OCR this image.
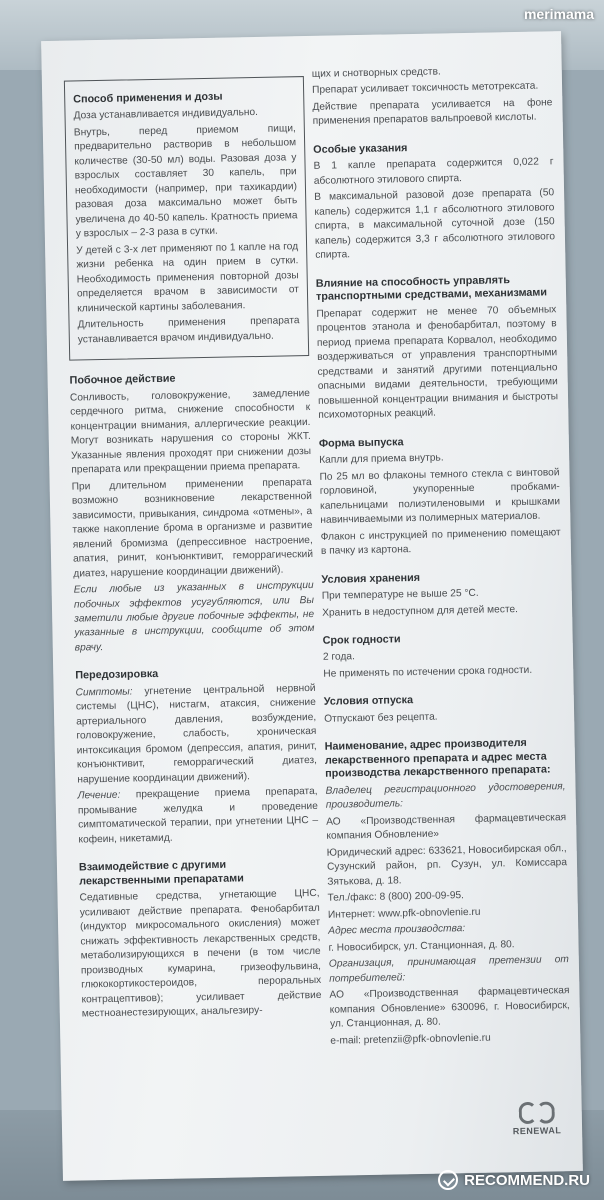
Способ применения и дозы

Доза устанавливается индивидуально.

Внутрь, перед приемом пищи, предварительно растворив в небольшом количестве (30-50 мл) воды. Разовая доза у взрослых составляет 30 капель, при необходимости (например, при тахикардии) разовая доза максимально может быть увеличена до 40-50 капель. Кратность приема у взрослых – 2-3 раза в сутки.

У детей с 3-х лет применяют по 1 капле на год жизни ребенка на один прием в сутки. Необходимость применения повторной дозы определяется врачом в зависимости от клинической картины заболевания.

Длительность применения препарата устанавливается врачом индивидуально.

Побочное действие

Сонливость, головокружение, замедление сердечного ритма, снижение способности к концентрации внимания, аллергические реакции. Могут возникать нарушения со стороны ЖКТ. Указанные явления проходят при снижении дозы препарата или прекращении приема препарата.

При длительном применении препарата возможно возникновение лекарственной зависимости, привыкания, синдрома «отмены», а также накопление брома в организме и развитие явлений бромизма (депрессивное настроение, апатия, ринит, конъюнктивит, геморрагический диатез, нарушение координации движений).

Если любые из указанных в инструкции побочных эффектов усугубляются, или Вы заметили любые другие побочные эффекты, не указанные в инструкции, сообщите об этом врачу.

Передозировка

Симптомы: угнетение центральной нервной системы (ЦНС), нистагм, атаксия, снижение артериального давления, возбуждение, головокружение, слабость, хроническая интоксикация бромом (депрессия, апатия, ринит, конъюнктивит, геморрагический диатез, нарушение координации движений).

Лечение: прекращение приема препарата, промывание желудка и проведение симптоматической терапии, при угнетении ЦНС – кофеин, никетамид.

Взаимодействие с другими лекарственными препаратами

Седативные средства, угнетающие ЦНС, усиливают действие препарата. Фенобарбитал (индуктор микросомального окисления) может снижать эффективность лекарственных средств, метаболизирующихся в печени (в том числе производных кумарина, гризеофульвина, глюкокортикостероидов, пероральных контрацептивов); усиливает действие местноанестезирующих, анальгезиру-

щих и снотворных средств.

Препарат усиливает токсичность метотрексата.

Действие препарата усиливается на фоне применения препаратов вальпроевой кислоты.

Особые указания

В 1 капле препарата содержится 0,022 г абсолютного этилового спирта.

В максимальной разовой дозе препарата (50 капель) содержится 1,1 г абсолютного этилового спирта, в максимальной суточной дозе (150 капель) содержится 3,3 г абсолютного этилового спирта.

Влияние на способность управлять транспортными средствами, механизмами

Препарат содержит не менее 70 объемных процентов этанола и фенобарбитал, поэтому в период приема препарата Корвалол, необходимо воздерживаться от управления транспортными средствами и занятий другими потенциально опасными видами деятельности, требующими повышенной концентрации внимания и быстроты психомоторных реакций.

Форма выпуска

Капли для приема внутрь.

По 25 мл во флаконы темного стекла с винтовой горловиной, укупоренные пробками-капельницами полиэтиленовыми и крышками навинчиваемыми из полимерных материалов.

Флакон с инструкцией по применению помещают в пачку из картона.

Условия хранения

При температуре не выше 25 °С.

Хранить в недоступном для детей месте.

Срок годности

2 года.

Не применять по истечении срока годности.

Условия отпуска

Отпускают без рецепта.

Наименование, адрес производителя лекарственного препарата и адрес места производства лекарственного препарата:

Владелец регистрационного удостоверения, производитель:

АО «Производственная фармацевтическая компания Обновление»

Юридический адрес: 633621, Новосибирская обл., Сузунский район, рп. Сузун, ул. Комиссара Зятькова, д. 18.

Тел./факс: 8 (800) 200-09-95.

Интернет: www.pfk-obnovlenie.ru

Адрес места производства:

г. Новосибирск, ул. Станционная, д. 80.

Организация, принимающая претензии от потребителей:

АО «Производственная фармацевтическая компания Обновление» 630096, г. Новосибирск, ул. Станционная, д. 80.

e-mail: pretenzii@pfk-obnovlenie.ru

RENEWAL
merimama
RECOMMEND.RU
